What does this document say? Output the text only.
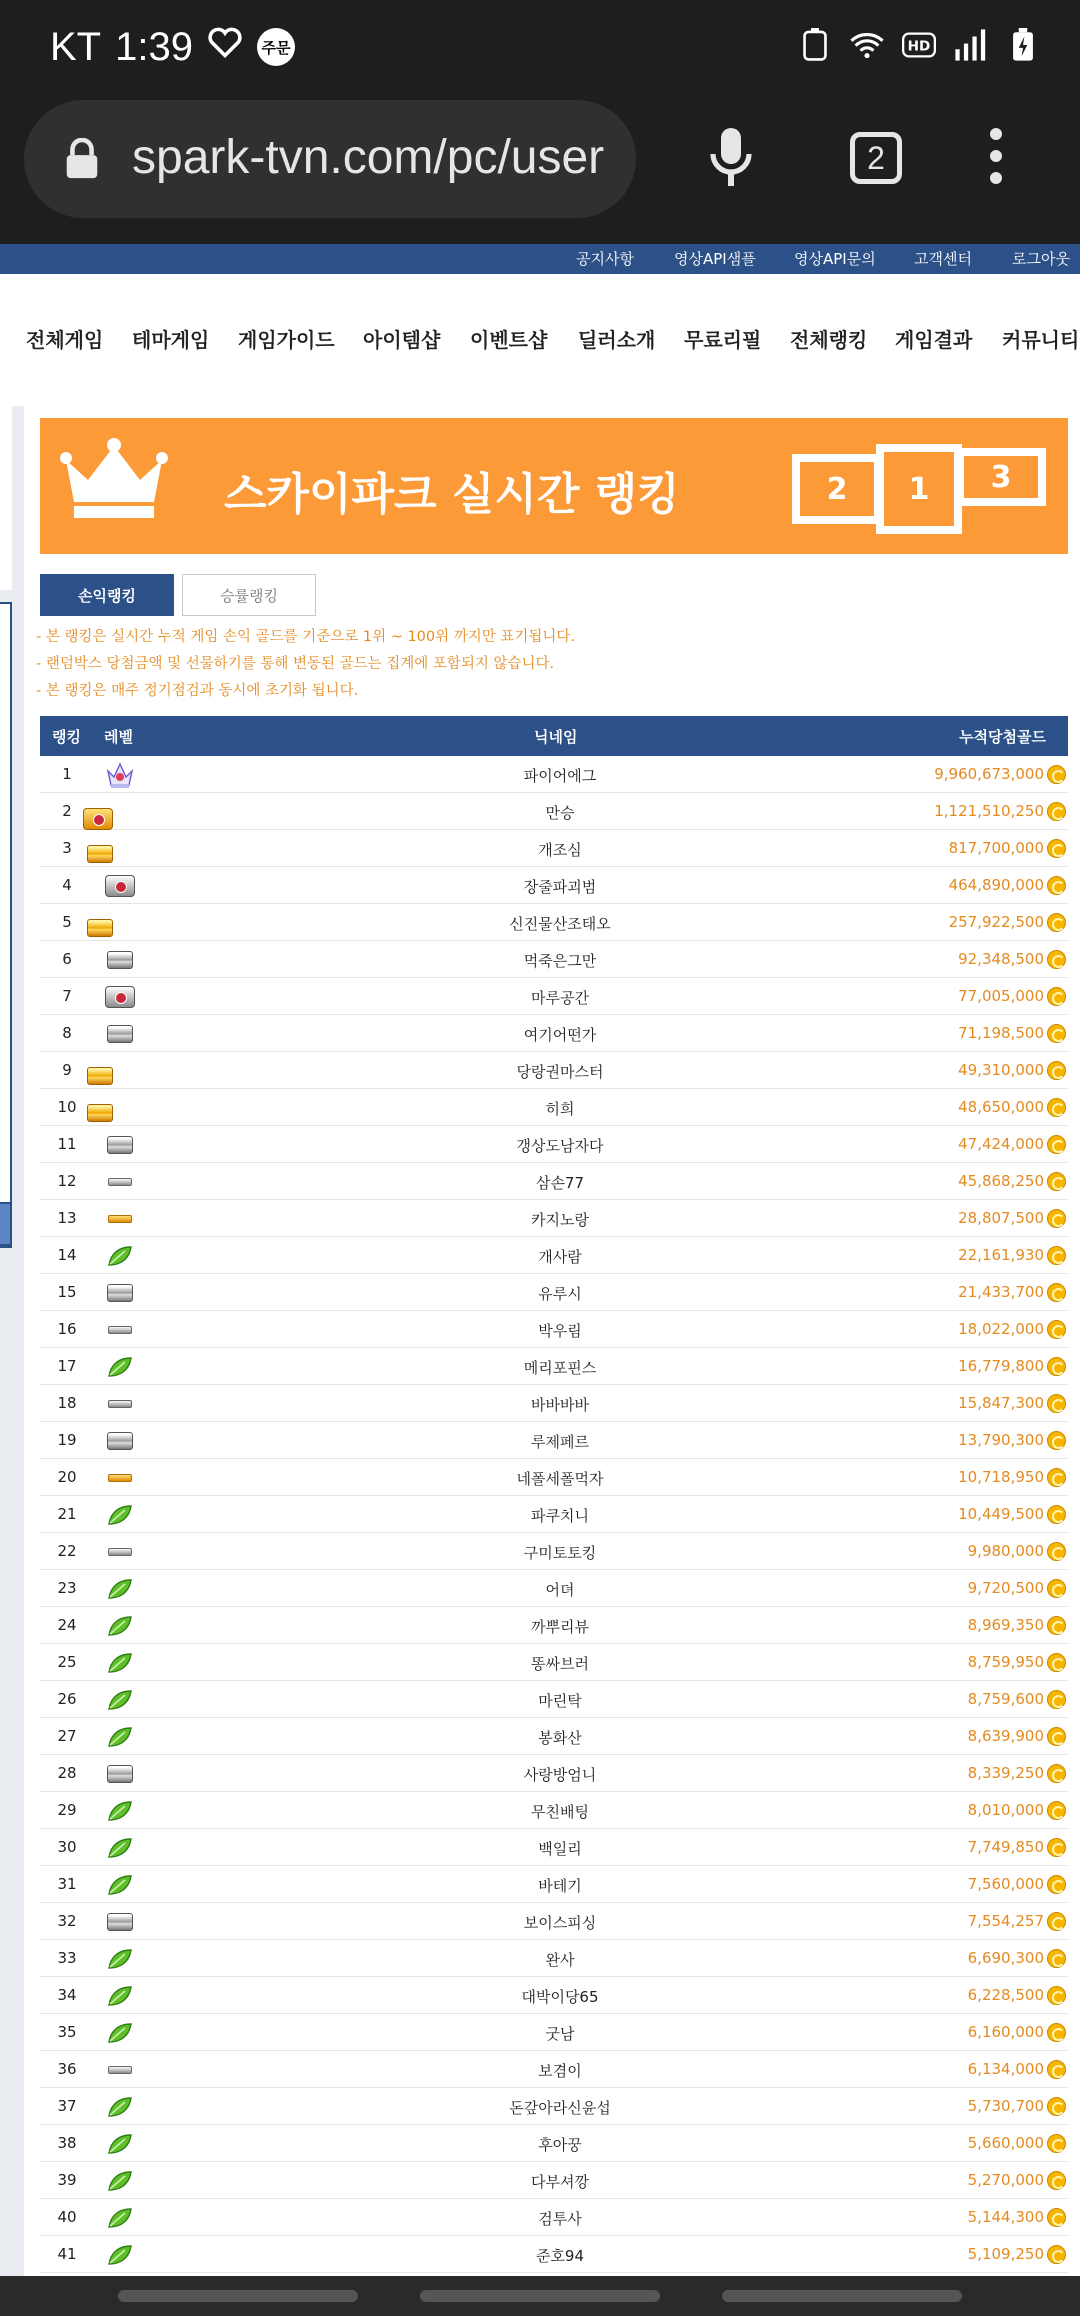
KT 1:39	주문	HD
spark-tvn.com/pc/user	2
공지사항	영상API샘플	영상API문의	고객센터	로그아웃
전체게임 테마게임 게임가이드 아이템샵 이벤트샵 딜러소개 무료리필 전체랭킹 게임결과 커뮤니티
스카이파크 실시간 랭킹	2	1	3
손익랭킹	승률랭킹
- 본 랭킹은 실시간 누적 게임 손익 골드를 기준으로 1위 ~ 100위 까지만 표기됩니다.
- 랜덤박스 당첨금액 및 선물하기를 통해 변동된 골드는 집계에 포함되지 않습니다.
- 본 랭킹은 매주 정기점검과 동시에 초기화 됩니다.
랭킹 레벨	닉네임	누적당첨골드
1	파이어에그	9,960,673,000
2	만승	1,121,510,250
3	개조심	817,700,000
4	장줄파괴범	464,890,000
5	신진물산조태오	257,922,500
6	먹죽은그만	92,348,500
7	마루공간	77,005,000
8	여기어떤가	71,198,500
9	당랑권마스터	49,310,000
10	히희	48,650,000
11	갱상도남자다	47,424,000
12	삼손77	45,868,250
13	카지노랑	28,807,500
14	개사람	22,161,930
15	유루시	21,433,700
16	박우림	18,022,000
17	메리포핀스	16,779,800
18	바바바바	15,847,300
19	루제페르	13,790,300
20	네폴세폴먹자	10,718,950
21	파쿠치니	10,449,500
22	구미토토킹	9,980,000
23	어뎌	9,720,500
24	까뿌리뷰	8,969,350
25	똥싸브러	8,759,950
26	마린탁	8,759,600
27	봉화산	8,639,900
28	사랑방엄니	8,339,250
29	무친배팅	8,010,000
30	백일리	7,749,850
31	바테기	7,560,000
32	보이스피싱	7,554,257
33	완사	6,690,300
34	대박이당65	6,228,500
35	굿남	6,160,000
36	보겸이	6,134,000
37	돈갚아라신윤섭	5,730,700
38	후아꿍	5,660,000
39	다부셔깡	5,270,000
40	검투사	5,144,300
41	준호94	5,109,250
